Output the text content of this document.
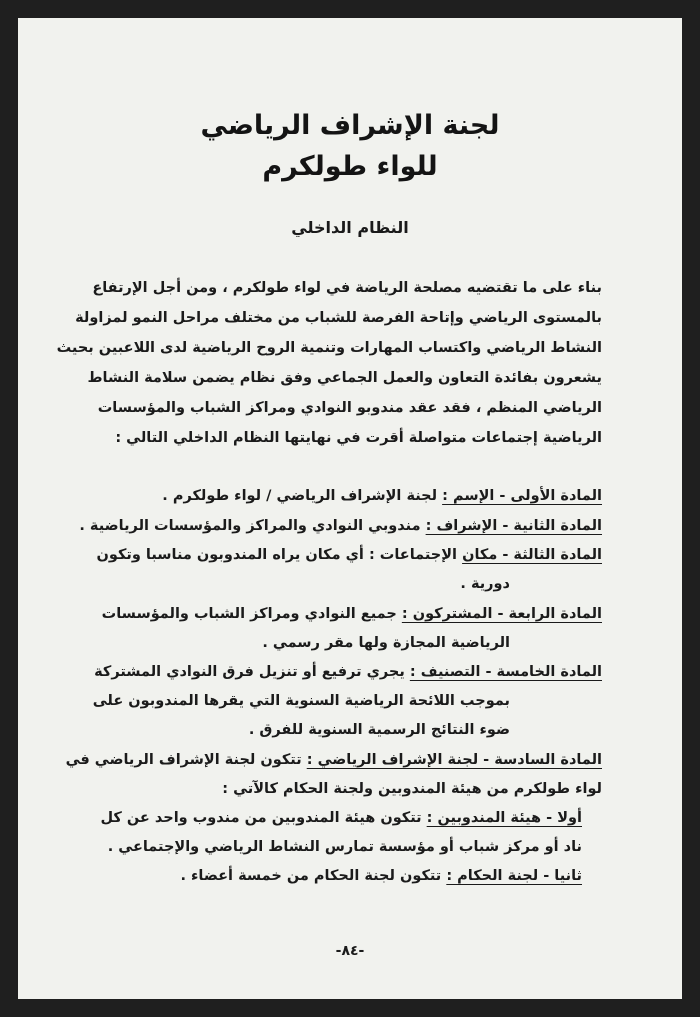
لجنة الإشراف الرياضي
للواء طولكرم
النظام الداخلي

بناء على ما تقتضيه مصلحة الرياضة في لواء طولكرم ، ومن أجل الإرتفاع

بالمستوى الرياضي وإتاحة الفرصة للشباب من مختلف مراحل النمو لمزاولة

النشاط الرياضي واكتساب المهارات وتنمية الروح الرياضية لدى اللاعبين بحيث

يشعرون بفائدة التعاون والعمل الجماعي وفق نظام يضمن سلامة النشاط

الرياضي المنظم ، فقد عقد مندوبو النوادي ومراكز الشباب والمؤسسات

الرياضية إجتماعات متواصلة أقرت في نهايتها النظام الداخلي التالي :

المادة الأولى - الإسم : لجنة الإشراف الرياضي / لواء طولكرم .

المادة الثانية - الإشراف : مندوبي النوادي والمراكز والمؤسسات الرياضية .

المادة الثالثة - مكان الإجتماعات : أي مكان يراه المندوبون مناسبا وتكون

دورية .

المادة الرابعة - المشتركون : جميع النوادي ومراكز الشباب والمؤسسات

الرياضية المجازة ولها مقر رسمي .

المادة الخامسة - التصنيف : يجري ترفيع أو تنزيل فرق النوادي المشتركة

بموجب اللائحة الرياضية السنوية التي يقرها المندوبون على

ضوء النتائج الرسمية السنوية للفرق .

المادة السادسة - لجنة الإشراف الرياضي : تتكون لجنة الإشراف الرياضي في

لواء طولكرم من هيئة المندوبين ولجنة الحكام كالآتي :

أولا - هيئة المندوبين : تتكون هيئة المندوبين من مندوب واحد عن كل

ناد أو مركز شباب أو مؤسسة تمارس النشاط الرياضي والإجتماعي .

ثانيا - لجنة الحكام : تتكون لجنة الحكام من خمسة أعضاء .

-٨٤-
